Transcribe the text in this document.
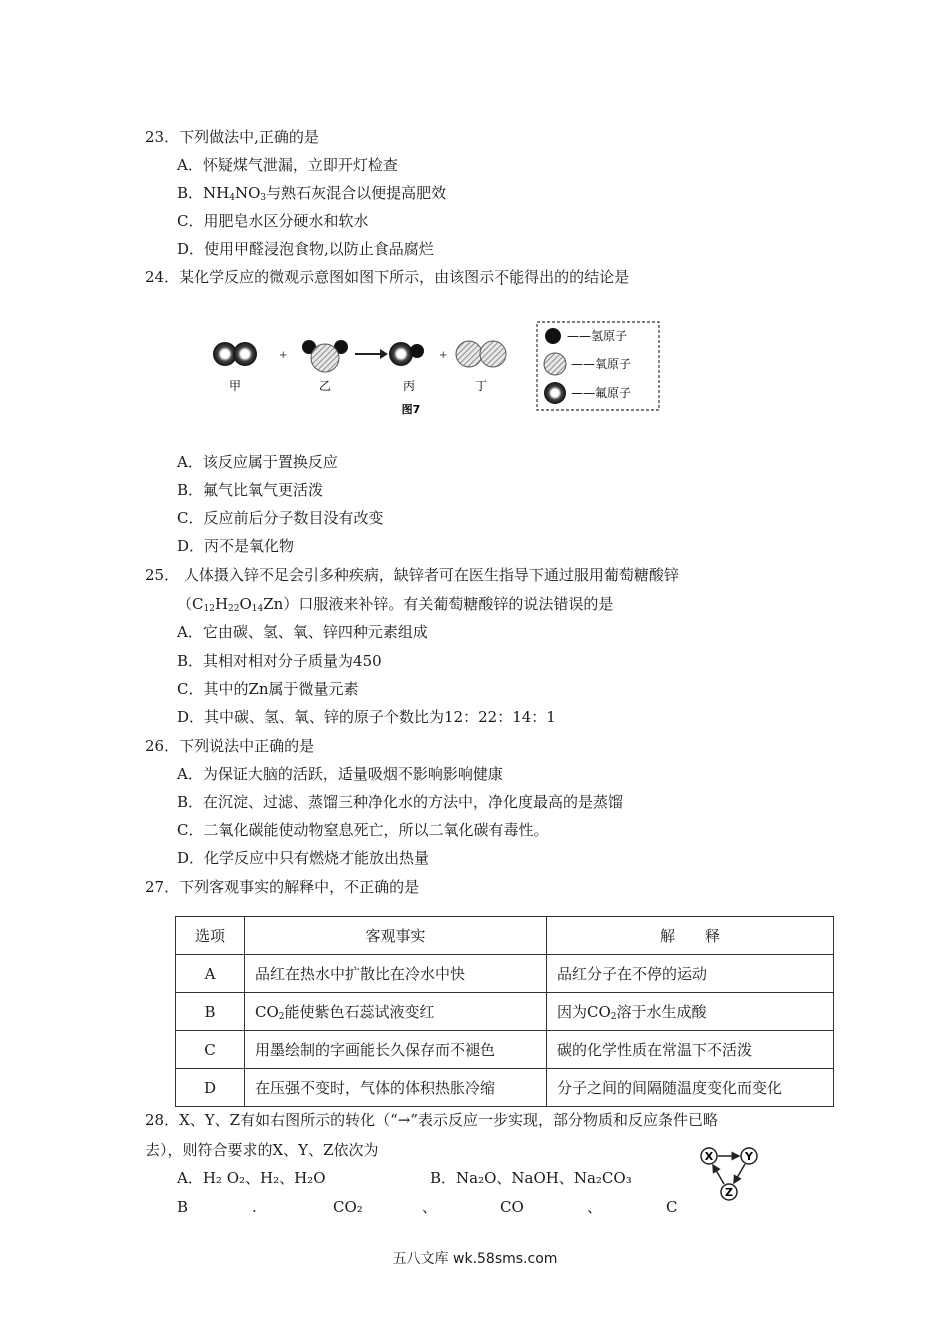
23．下列做法中,正确的是
A．怀疑煤气泄漏，立即开灯检查
B．$NH_4NO_3$与熟石灰混合以便提高肥效
C．用肥皂水区分硬水和软水
D．使用甲醛浸泡食物,以防止食品腐烂
24．某化学反应的微观示意图如图下所示，由该图示不能得出的的结论是
+	+
甲	乙	丙	丁
图7
——氢原子
——氧原子
——氟原子
A．该反应属于置换反应
B．氟气比氧气更活泼
C．反应前后分子数目没有改变
D．丙不是氧化物
25． 人体摄入锌不足会引多种疾病，缺锌者可在医生指导下通过服用葡萄糖酸锌
$(C_{12}H_{22}O_{14}Zn)$口服液来补锌。有关葡萄糖酸锌的说法错误的是
A．它由碳、氢、氧、锌四种元素组成
B．其相对相对分子质量为450
C．其中的Zn属于微量元素
D．其中碳、氢、氧、锌的原子个数比为12：22：14：1
26．下列说法中正确的是
A．为保证大脑的活跃，适量吸烟不影响影响健康
B．在沉淀、过滤、蒸馏三种净化水的方法中，净化度最高的是蒸馏
C．二氧化碳能使动物窒息死亡，所以二氧化碳有毒性。
D．化学反应中只有燃烧才能放出热量
27．下列客观事实的解释中，不正确的是
选项	客观事实	解　　释
A	品红在热水中扩散比在冷水中快	品红分子在不停的运动
B	$CO_2$能使紫色石蕊试液变红	因为$CO_2$溶于水生成酸
C	用墨绘制的字画能长久保存而不褪色	碳的化学性质在常温下不活泼
D	在压强不变时，气体的体积热胀冷缩	分子之间的间隔随温度变化而变化
28．X、Y、Z有如右图所示的转化（“→”表示反应一步实现，部分物质和反应条件已略
去），则符合要求的X、Y、Z依次为
A．H₂ O₂、H₂、H₂O	B．Na₂O、NaOH、Na₂CO₃
B	.	CO₂	、	CO	、	C
X	Y
Z
五八文库 wk.58sms.com
